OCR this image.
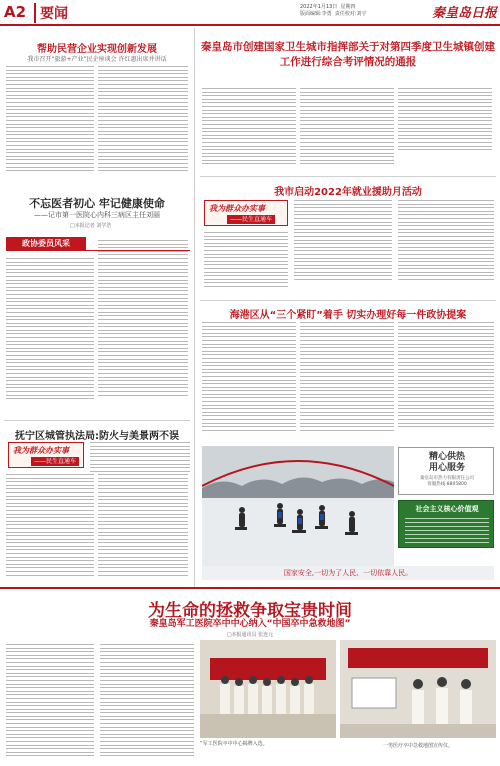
A2 要闻	2022年1月13日  星期四
版面编辑:李勇  责任校对:刘宇	秦皇岛日报
帮助民营企业实现创新发展
我市召开“旅游+产业”民企座谈会 许红惠出席并讲话
不忘医者初心 牢记健康使命
——记市第一医院心内科三病区主任刘丽
□本报记者 刘学浩
政协委员风采
抚宁区城管执法局:防火与美景两不误
我为群众办实事
——民生直通车
秦皇岛市创建国家卫生城市指挥部关于对第四季度卫生城镇创建工作进行综合考评情况的通报
我市启动2022年就业援助月活动
我为群众办实事
——民生直通车
海港区从“三个紧盯”着手 切实办理好每一件政协提案
国家安全,一切为了人民、一切依靠人民。
精心供热
用心服务
秦皇岛市热力有限责任公司
客服热线:8805800
社会主义核心价值观
为生命的拯救争取宝贵时间
秦皇岛军工医院卒中中心纳入“中国卒中急救地图”
□本报通讯员 张连元
“军工医院卒中中心揭牌入选。	一男医疗卒中急救地图宣传仪。
